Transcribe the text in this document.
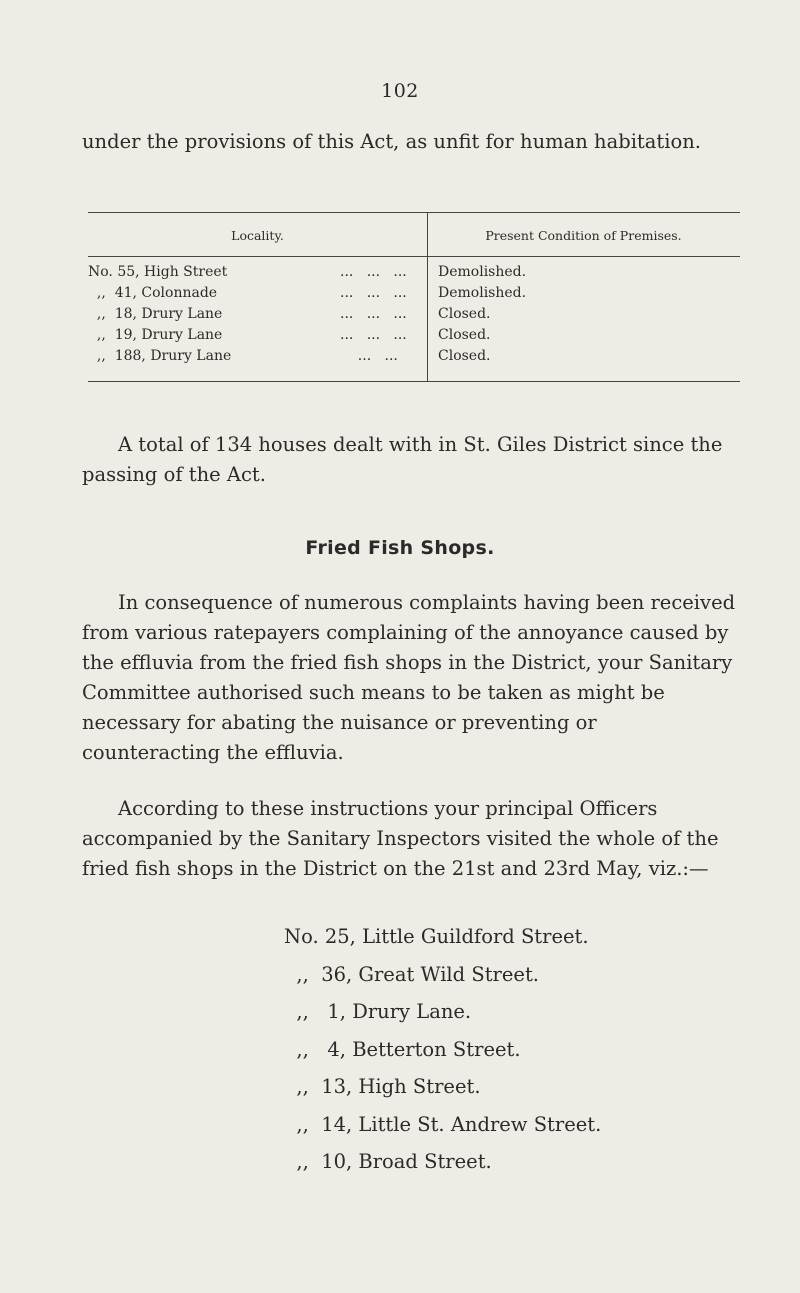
102

under the provisions of this Act, as unfit for human habitation.

Locality.	Present Condition of Premises.
No. 55, High Street	...   ...   ...	Demolished.
,,  41, Colonnade	...   ...   ...	Demolished.
,,  18, Drury Lane	...   ...   ...	Closed.
,,  19, Drury Lane	...   ...   ...	Closed.
,,  188, Drury Lane	...   ...	Closed.

A total of 134 houses dealt with in St. Giles District since the passing of the Act.

Fried Fish Shops.

In consequence of numerous complaints having been received from various ratepayers complaining of the annoyance caused by the effluvia from the fried fish shops in the District, your Sanitary Committee authorised such means to be taken as might be necessary for abating the nuisance or preventing or counteracting the effluvia.

According to these instructions your principal Officers accompanied by the Sanitary Inspectors visited the whole of the fried fish shops in the District on the 21st and 23rd May, viz.:—

No. 25, Little Guildford Street.
,,  36, Great Wild Street.
,,   1, Drury Lane.
,,   4, Betterton Street.
,,  13, High Street.
,,  14, Little St. Andrew Street.
,,  10, Broad Street.
